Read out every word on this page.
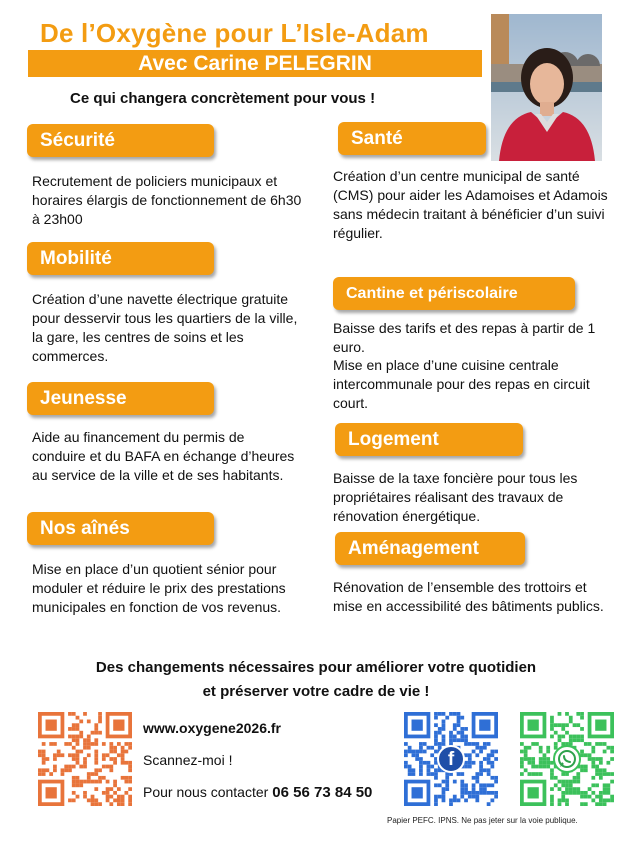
De l’Oxygène pour L’Isle-Adam
Avec Carine PELEGRIN
Ce qui changera concrètement pour vous !
Sécurité
Recrutement de policiers municipaux et horaires élargis de fonctionnement de 6h30 à 23h00
Mobilité
Création d’une navette électrique gratuite pour desservir tous les quartiers de la ville, la gare, les centres de soins et les commerces.
Jeunesse
Aide au financement du permis de conduire et du BAFA en échange d’heures au service de la ville et de ses habitants.
Nos aînés
Mise en place d’un quotient sénior pour moduler et réduire le prix des prestations municipales en fonction de vos revenus.
Santé
Création d’un centre municipal de santé (CMS) pour aider les Adamoises et Adamois sans médecin traitant à bénéficier d’un suivi régulier.
Cantine et périscolaire
Baisse des tarifs et des repas à partir de 1 euro.
Mise en place d’une cuisine centrale intercommunale pour des repas en circuit court.
Logement
Baisse de la taxe foncière pour tous les propriétaires réalisant des travaux de rénovation énergétique.
Aménagement
Rénovation de l’ensemble des trottoirs et mise en accessibilité des bâtiments publics.
Des changements nécessaires pour améliorer votre quotidien
et préserver votre cadre de vie !
f
www.oxygene2026.fr
Scannez-moi !
Pour nous contacter 06 56 73 84 50
Papier PEFC. IPNS. Ne pas jeter sur la voie publique.
